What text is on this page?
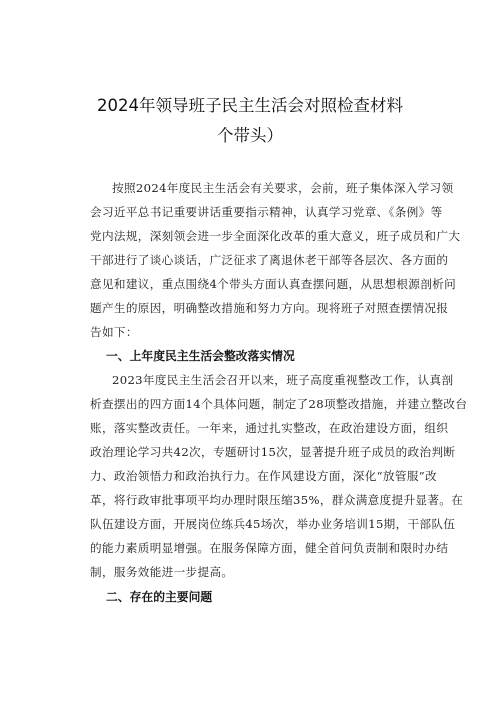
2024年领导班子民主生活会对照检查材料
个带头）
按照2024年度民主生活会有关要求，会前，班子集体深入学习领
会习近平总书记重要讲话重要指示精神，认真学习党章、《条例》等
党内法规，深刻领会进一步全面深化改革的重大意义，班子成员和广大
干部进行了谈心谈话，广泛征求了离退休老干部等各层次、各方面的
意见和建议，重点围绕4个带头方面认真查摆问题，从思想根源剖析问
题产生的原因，明确整改措施和努力方向。现将班子对照查摆情况报
告如下：
一、上年度民主生活会整改落实情况
2023年度民主生活会召开以来，班子高度重视整改工作，认真剖
析查摆出的四方面14个具体问题，制定了28项整改措施，并建立整改台
账，落实整改责任。一年来，通过扎实整改，在政治建设方面，组织
政治理论学习共42次，专题研讨15次，显著提升班子成员的政治判断
力、政治领悟力和政治执行力。在作风建设方面，深化“放管服”改
革，将行政审批事项平均办理时限压缩35%，群众满意度提升显著。在
队伍建设方面，开展岗位练兵45场次，举办业务培训15期，干部队伍
的能力素质明显增强。在服务保障方面，健全首问负责制和限时办结
制，服务效能进一步提高。
二、存在的主要问题
